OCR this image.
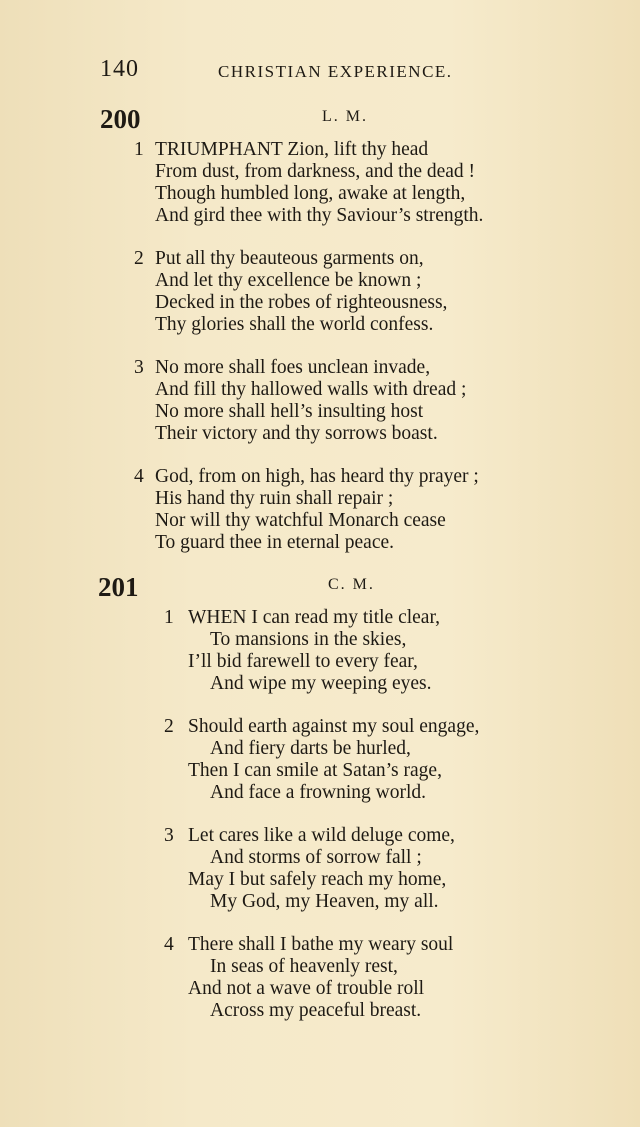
140	CHRISTIAN EXPERIENCE.
200	L. M.
1 TRIUMPHANT Zion, lift thy head
From dust, from darkness, and the dead !
Though humbled long, awake at length,
And gird thee with thy Saviour’s strength.
2 Put all thy beauteous garments on,
And let thy excellence be known ;
Decked in the robes of righteousness,
Thy glories shall the world confess.
3 No more shall foes unclean invade,
And fill thy hallowed walls with dread ;
No more shall hell’s insulting host
Their victory and thy sorrows boast.
4 God, from on high, has heard thy prayer ;
His hand thy ruin shall repair ;
Nor will thy watchful Monarch cease
To guard thee in eternal peace.
201	C. M.
1 WHEN I can read my title clear,
To mansions in the skies,
I’ll bid farewell to every fear,
And wipe my weeping eyes.
2 Should earth against my soul engage,
And fiery darts be hurled,
Then I can smile at Satan’s rage,
And face a frowning world.
3 Let cares like a wild deluge come,
And storms of sorrow fall ;
May I but safely reach my home,
My God, my Heaven, my all.
4 There shall I bathe my weary soul
In seas of heavenly rest,
And not a wave of trouble roll
Across my peaceful breast.
